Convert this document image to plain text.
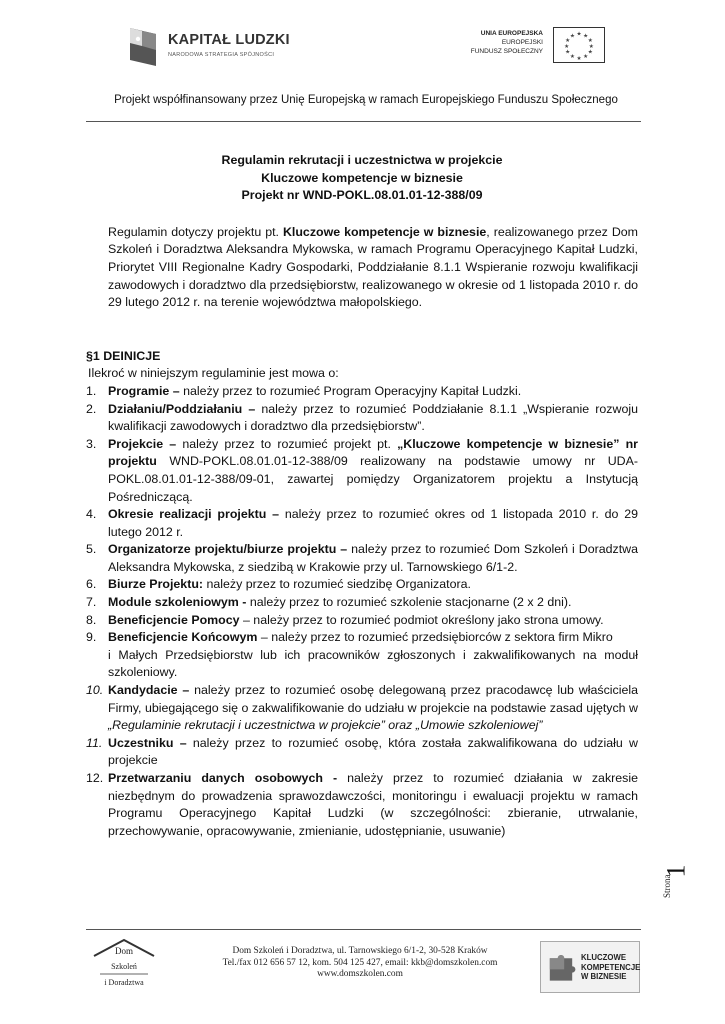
KAPITAŁ LUDZKI
NARODOWA STRATEGIA SPÓJNOŚCI
UNIA EUROPEJSKA
EUROPEJSKI
FUNDUSZ SPOŁECZNY
★ ★
★
★
★
★
★
★
★
★
★
★
Projekt współfinansowany przez Unię Europejską w ramach Europejskiego Funduszu Społecznego
Regulamin rekrutacji i uczestnictwa w projekcie
Kluczowe kompetencje w biznesie
Projekt nr WND-POKL.08.01.01-12-388/09
Regulamin dotyczy projektu pt. Kluczowe kompetencje w biznesie, realizowanego przez Dom Szkoleń i Doradztwa Aleksandra Mykowska, w ramach Programu Operacyjnego Kapitał Ludzki, Priorytet VIII Regionalne Kadry Gospodarki, Poddziałanie 8.1.1 Wspieranie rozwoju kwalifikacji zawodowych i doradztwo dla przedsiębiorstw, realizowanego w okresie od 1 listopada 2010 r. do 29 lutego 2012 r. na terenie województwa małopolskiego.
§1 DEINICJE
Ilekroć w niniejszym regulaminie jest mowa o:
1. Programie – należy przez to rozumieć Program Operacyjny Kapitał Ludzki.
2. Działaniu/Poddziałaniu – należy przez to rozumieć Poddziałanie 8.1.1 „Wspieranie rozwoju kwalifikacji zawodowych i doradztwo dla przedsiębiorstw”.
3. Projekcie – należy przez to rozumieć projekt pt. „Kluczowe kompetencje w biznesie” nr projektu WND-POKL.08.01.01-12-388/09 realizowany na podstawie umowy nr UDA-POKL.08.01.01-12-388/09-01, zawartej pomiędzy Organizatorem projektu a Instytucją Pośredniczącą.
4. Okresie realizacji projektu – należy przez to rozumieć okres od 1 listopada 2010 r. do 29 lutego 2012 r.
5. Organizatorze projektu/biurze projektu – należy przez to rozumieć Dom Szkoleń i Doradztwa Aleksandra Mykowska, z siedzibą w Krakowie przy ul. Tarnowskiego 6/1-2.
6. Biurze Projektu: należy przez to rozumieć siedzibę Organizatora.
7. Module szkoleniowym - należy przez to rozumieć szkolenie stacjonarne (2 x 2 dni).
8. Beneficjencie Pomocy – należy przez to rozumieć podmiot określony jako strona umowy.
9. Beneficjencie Końcowym – należy przez to rozumieć przedsiębiorców z sektora firm Mikro
i Małych Przedsiębiorstw lub ich pracowników zgłoszonych i zakwalifikowanych na moduł szkoleniowy.
10. Kandydacie – należy przez to rozumieć osobę delegowaną przez pracodawcę lub właściciela Firmy, ubiegającego się o zakwalifikowanie do udziału w projekcie na podstawie zasad ujętych w „Regulaminie rekrutacji i uczestnictwa w projekcie” oraz „Umowie szkoleniowej”
11. Uczestniku – należy przez to rozumieć osobę, która została zakwalifikowana do udziału w projekcie
12. Przetwarzaniu danych osobowych - należy przez to rozumieć działania w zakresie niezbędnym do prowadzenia sprawozdawczości, monitoringu i ewaluacji projektu w ramach Programu Operacyjnego Kapitał Ludzki (w szczególności: zbieranie, utrwalanie, przechowywanie, opracowywanie, zmienianie, udostępnianie, usuwanie)
Strona
1
Dom
Szkoleń
i Doradztwa
Dom Szkoleń i Doradztwa, ul. Tarnowskiego 6/1-2, 30-528 Kraków
Tel./fax 012 656 57 12, kom. 504 125 427, email: kkb@domszkolen.com
www.domszkolen.com
KLUCZOWE
KOMPETENCJE
W BIZNESIE
